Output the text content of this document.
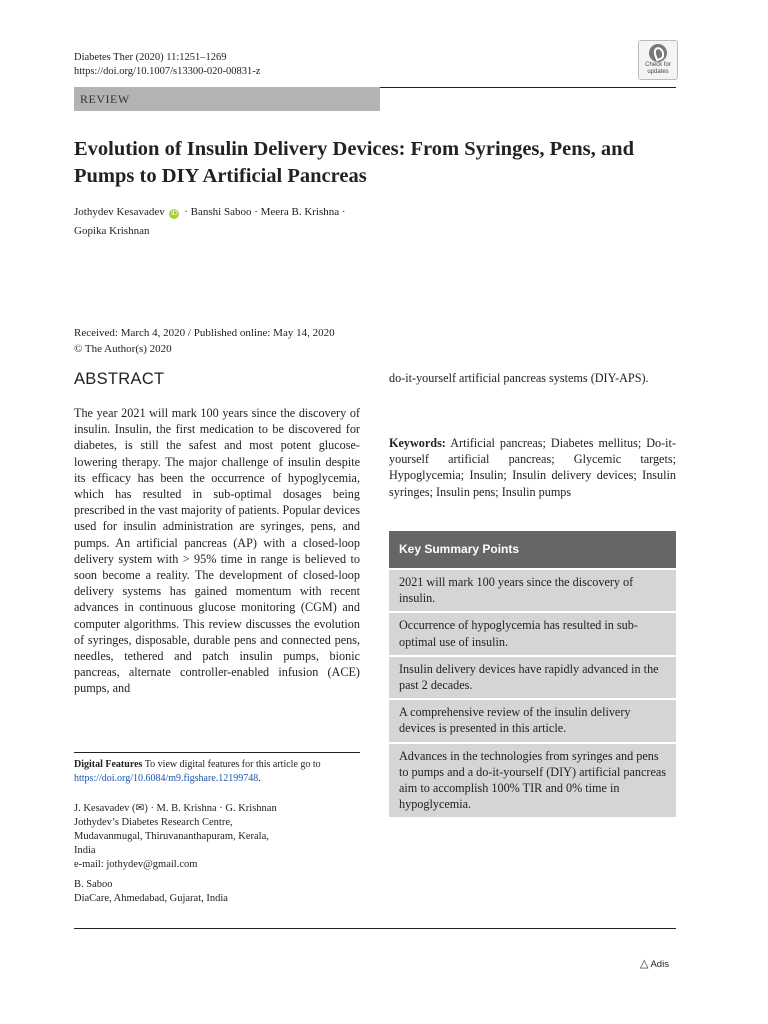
Diabetes Ther (2020) 11:1251–1269
https://doi.org/10.1007/s13300-020-00831-z
Check for updates
REVIEW
Evolution of Insulin Delivery Devices: From Syringes, Pens, and Pumps to DIY Artificial Pancreas
Jothydev Kesavadev iD · Banshi Saboo · Meera B. Krishna ·
Gopika Krishnan
Received: March 4, 2020 / Published online: May 14, 2020
© The Author(s) 2020
ABSTRACT

The year 2021 will mark 100 years since the discovery of insulin. Insulin, the first medication to be discovered for diabetes, is still the safest and most potent glucose-lowering therapy. The major challenge of insulin despite its efficacy has been the occurrence of hypoglycemia, which has resulted in sub-optimal dosages being prescribed in the vast majority of patients. Popular devices used for insulin administration are syringes, pens, and pumps. An artificial pancreas (AP) with a closed-loop delivery system with > 95% time in range is believed to soon become a reality. The development of closed-loop delivery systems has gained momentum with recent advances in continuous glucose monitoring (CGM) and computer algorithms. This review discusses the evolution of syringes, disposable, durable pens and connected pens, needles, tethered and patch insulin pumps, bionic pancreas, alternate controller-enabled infusion (ACE) pumps, and

Digital Features To view digital features for this article go to https://doi.org/10.6084/m9.figshare.12199748.
J. Kesavadev (✉) · M. B. Krishna · G. Krishnan
Jothydev’s Diabetes Research Centre,
Mudavanmugal, Thiruvananthapuram, Kerala,
India
e-mail: jothydev@gmail.com
B. Saboo
DiaCare, Ahmedabad, Gujarat, India
△ Adis

do-it-yourself artificial pancreas systems (DIY-APS).

Keywords: Artificial pancreas; Diabetes mellitus; Do-it-yourself artificial pancreas; Glycemic targets; Hypoglycemia; Insulin; Insulin delivery devices; Insulin syringes; Insulin pens; Insulin pumps

Key Summary Points
2021 will mark 100 years since the discovery of insulin.
Occurrence of hypoglycemia has resulted in sub-optimal use of insulin.
Insulin delivery devices have rapidly advanced in the past 2 decades.
A comprehensive review of the insulin delivery devices is presented in this article.
Advances in the technologies from syringes and pens to pumps and a do-it-yourself (DIY) artificial pancreas aim to accomplish 100% TIR and 0% time in hypoglycemia.
